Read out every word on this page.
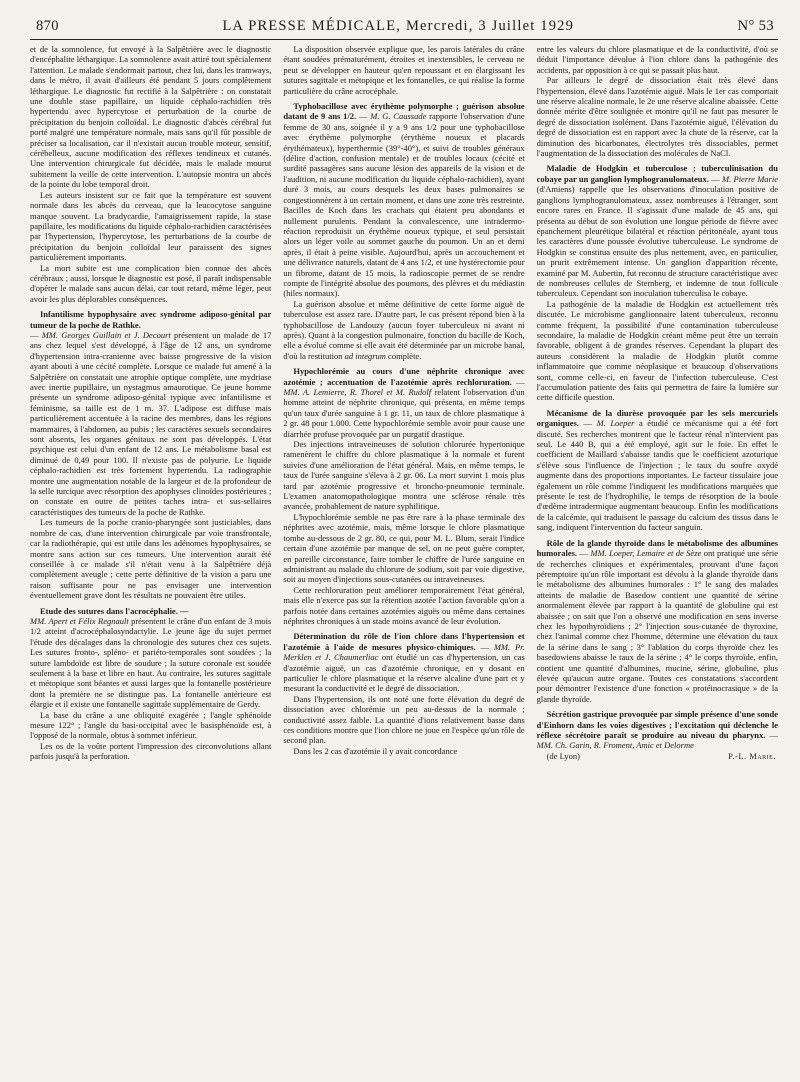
870	LA PRESSE MÉDICALE, Mercredi, 3 Juillet 1929	N° 53

et de la somnolence, fut envoyé à la Salpêtrière avec le diagnostic d'encéphalite léthargique. La somnolence avait attiré tout spécialement l'attention. Le malade s'endormait partout, chez lui, dans les tramways, dans le métro, il avait d'ailleurs été pendant 5 jours complètement léthargique. Le diagnostic fut rectifié à la Salpêtrière : on constatait une double stase papillaire, un liquide céphalo-rachidien très hypertendu avec hypercytose et perturbation de la courbe de précipitation du benjoin colloïdal. Le diagnostic d'abcès cérébral fut porté malgré une température normale, mais sans qu'il fût possible de préciser sa localisation, car il n'existait aucun trouble moteur, sensitif, cérébelleux, aucune modification des réflexes tendineux et cutanés. Une intervention chirurgicale fut décidée, mais le malade mourut subitement la veille de cette intervention. L'autopsie montra un abcès de la pointe du lobe temporal droit.

Les auteurs insistent sur ce fait que la température est souvent normale dans les abcès du cerveau, que la leucocytose sanguine manque souvent. La bradycardie, l'amaigrissement rapide, la stase papillaire, les modifications du liquide céphalo-rachidien caractérisées par l'hypertension, l'hypercytose, les perturbations de la courbe de précipitation du benjoin colloïdal leur paraissent des signes particulièrement importants.

La mort subite est une complication bien connue des abcès cérébraux ; aussi, lorsque le diagnostic est posé, il paraît indispensable d'opérer le malade sans aucun délai, car tout retard, même léger, peut avoir les plus déplorables conséquences.

Infantilisme hypophysaire avec syndrome adiposo-génital par tumeur de la poche de Rathke.

— MM. Georges Guillain et J. Decourt présentent un malade de 17 ans chez lequel s'est développé, à l'âge de 12 ans, un syndrome d'hypertension intra-cranienne avec baisse progressive de la vision ayant abouti à une cécité complète. Lorsque ce malade fut amené à la Salpêtrière on constatait une atrophie optique complète, une mydriase avec inertie pupillaire, un nystagmus amaurotique. Ce jeune homme présente un syndrome adiposo-génital typique avec infantilisme et féminisme, sa taille est de 1 m. 37. L'adipose est diffuse mais particulièrement accentuée à la racine des membres, dans les régions mammaires, à l'abdomen, au pubis ; les caractères sexuels secondaires sont absents, les organes génitaux ne sont pas développés. L'état psychique est celui d'un enfant de 12 ans. Le métabolisme basal est diminué de 0,49 pour 100. Il n'existe pas de polyurie. Le liquide céphalo-rachidien est très fortement hypertendu. La radiographie montre une augmentation notable de la largeur et de la profondeur de la selle turcique avec résorption des apophyses clinoïdes postérieures ; on constate en outre de petites taches intra- et sus-sellaires caractéristiques des tumeurs de la poche de Rathke.

Les tumeurs de la poche cranio-pharyngée sont justiciables, dans nombre de cas, d'une intervention chirurgicale par voie transfrontale, car la radiothérapie, qui est utile dans les adénomes hypophysaires, se montre sans action sur ces tumeurs. Une intervention aurait été conseillée à ce malade s'il n'était venu à la Salpêtrière déjà complètement aveugle ; cette perte définitive de la vision a paru une raison suffisante pour ne pas envisager une intervention éventuellement grave dont les résultats ne pouvaient être utiles.

Etude des sutures dans l'acrocéphalie. —

MM. Apert et Félix Regnault présentent le crâne d'un enfant de 3 mois 1/2 atteint d'acrocéphalosyndactylie. Le jeune âge du sujet permet l'étude des décalages dans la chronologie des sutures chez ces sujets. Les sutures fronto-, spléno- et pariéto-temporales sont soudées ; la suture lambdoïde est libre de soudure ; la suture coronale est soudée seulement à la base et libre en haut. Au contraire, les sutures sagittale et métopique sont béantes et aussi larges que la fontanelle postérieure dont la première ne se distingue pas. La fontanelle antérieure est élargie et il existe une fontanelle sagittale supplémentaire de Gerdy.

La base du crâne a une obliquité exagérée ; l'angle sphénoïde mesure 122° ; l'angle du basi-occipital avec le basisphénoïde est, à l'opposé de la normale, obtus à sommet inférieur.

Les os de la voûte portent l'impression des circonvolutions allant parfois jusqu'à la perforation.

La disposition observée explique que, les parois latérales du crâne étant soudées prématurément, étroites et inextensibles, le cerveau ne peut se développer en hauteur qu'en repoussant et en élargissant les sutures sagittale et métopique et les fontanelles, ce qui réalise la forme particulière du crâne acrocéphale.

Typhobacillose avec érythème polymorphe ; guérison absolue datant de 9 ans 1/2. — M. G. Caussade rapporte l'observation d'une femme de 30 ans, soignée il y a 9 ans 1/2 pour une typhobacillose avec érythème polymorphe (érythème noueux et placards érythémateux), hyperthermie (39°-40°), et suivi de troubles généraux (délire d'action, confusion mentale) et de troubles locaux (cécité et surdité passagères sans aucune lésion des appareils de la vision et de l'audition, ni aucune modification du liquide céphalo-rachidien), ayant duré 3 mois, au cours desquels les deux bases pulmonaires se congestionnèrent à un certain moment, et dans une zone très restreinte. Bacilles de Koch dans les crachats qui étaient peu abondants et nullement purulents. Pendant la convalescence, une intradermo-réaction reproduisit un érythème noueux typique, et seul persistait alors un léger voile au sommet gauche du poumon. Un an et demi après, il était à peine visible. Aujourd'hui, après un accouchement et une délivrance naturels, datant de 4 ans 1/2, et une hystérectomie pour un fibrome, datant de 15 mois, la radioscopie permet de se rendre compte de l'intégrité absolue des poumons, des plèvres et du médiastin (hiles normaux).

La guérison absolue et même définitive de cette forme aiguë de tuberculose est assez rare. D'autre part, le cas présent répond bien à la typhobacillose de Landouzy (aucun foyer tuberculeux ni avant ni après). Quant à la congestion pulmonaire, fonction du bacille de Koch, elle a évolué comme si elle avait été déterminée par un microbe banal, d'où la restitution ad integrum complète.

Hypochlorémie au cours d'une néphrite chronique avec azotémie ; accentuation de l'azotémie après rechloruration. — MM. A. Lemierre, R. Thorel et M. Rudolf relatent l'observation d'un homme atteint de néphrite chronique, qui présenta, en même temps qu'un taux d'urée sanguine à 1 gr. 11, un taux de chlore plasmatique à 2 gr. 48 pour 1.000. Cette hypochlorémie semble avoir pour cause une diarrhée profuse provoquée par un purgatif drastique.

Des injections intraveineuses de solution chlorurée hypertonique ramenèrent le chiffre du chlore plasmatique à la normale et furent suivies d'une amélioration de l'état général. Mais, en même temps, le taux de l'urée sanguine s'éleva à 2 gr. 06. La mort survint 1 mois plus tard par azotémie progressive et broncho-pneumonie terminale. L'examen anatomopathologique montra une sclérose rénale très avancée, probablement de nature syphilitique.

L'hypochlorémie semble ne pas être rare à la phase terminale des néphrites avec azotémie, mais, même lorsque le chlore plasmatique tombe au-dessous de 2 gr. 80, ce qui, pour M. L. Blum, serait l'indice certain d'une azotémie par manque de sel, on ne peut guère compter, en pareille circonstance, faire tomber le chiffre de l'urée sanguine en administrant au malade du chlorure de sodium, soit par voie digestive, soit au moyen d'injections sous-cutanées ou intraveineuses.

Cette rechloruration peut améliorer temporairement l'état général, mais elle n'exerce pas sur la rétention azotée l'action favorable qu'on a parfois notée dans certaines azotémies aiguës ou même dans certaines néphrites chroniques à un stade moins avancé de leur évolution.

Détermination du rôle de l'ion chlore dans l'hypertension et l'azotémie à l'aide de mesures physico-chimiques. — MM. Pr. Merklen et J. Chaumerliac ont étudié un cas d'hypertension, un cas d'azotémie aiguë, un cas d'azotémie chronique, en y dosant en particulier le chlore plasmatique et la réserve alcaline d'une part et y mesurant la conductivité et le degré de dissociation.

Dans l'hypertension, ils ont noté une forte élévation du degré de dissociation avec chlorémie un peu au-dessus de la normale ; conductivité assez faible. La quantité d'ions relativement basse dans ces conditions montre que l'ion chlore ne joue en l'espèce qu'un rôle de second plan.

Dans les 2 cas d'azotémie il y avait concordance

entre les valeurs du chlore plasmatique et de la conductivité, d'où se déduit l'importance dévolue à l'ion chlore dans la pathogénie des accidents, par opposition à ce qui se passait plus haut.

Par ailleurs le degré de dissociation était très élevé dans l'hypertension, élevé dans l'azotémie aiguë. Mais le 1er cas comportait une réserve alcaline normale, le 2e une réserve alcaline abaissée. Cette donnée mérite d'être soulignée et montre qu'il ne faut pas mesurer le degré de dissociation isolément. Dans l'azotémie aiguë, l'élévation du degré de dissociation est en rapport avec la chute de la réserve, car la diminution des bicarbonates, électrolytes très dissociables, permet l'augmentation de la dissociation des molécules de NaCl.

Maladie de Hodgkin et tuberculose ; tuberculinisation du cobaye par un ganglion lymphogranulomateux. — M. Pierre Marie (d'Amiens) rappelle que les observations d'inoculation positive de ganglions lymphogranulomateux, assez nombreuses à l'étranger, sont encore rares en France. Il s'agissait d'une malade de 45 ans, qui présenta au début de son évolution une longue période de fièvre avec épanchement pleurétique bilatéral et réaction péritonéale, ayant tous les caractères d'une poussée évolutive tuberculeuse. Le syndrome de Hodgkin se constitua ensuite des plus nettement, avec, en particulier, un prurit extrêmement intense. Un ganglion d'apparition récente, examiné par M. Aubertin, fut reconnu de structure caractéristique avec de nombreuses cellules de Sternberg, et indemne de tout follicule tuberculeux. Cependant son inoculation tuberculisa le cobaye.

La pathogénie de la maladie de Hodgkin est actuellement très discutée. Le microbisme ganglionnaire latent tuberculeux, reconnu comme fréquent, la possibilité d'une contamination tuberculeuse secondaire, la maladie de Hodgkin créant même peut être un terrain favorable, obligent à de grandes réserves. Cependant la plupart des auteurs considèrent la maladie de Hodgkin plutôt comme inflammatoire que comme néoplasique et beaucoup d'observations sont, comme celle-ci, en faveur de l'infection tuberculeuse. C'est l'accumulation patiente des faits qui permettra de faire la lumière sur cette difficile question.

Mécanisme de la diurèse provoquée par les sels mercuriels organiques. — M. Loeper a étudié ce mécanisme qui a été fort discuté. Ses recherches montrent que le facteur rénal n'intervient pas seul. Le 440 B, qui a été employé, agit sur le foie. En effet le coefficient de Maillard s'abaisse tandis que le coefficient azoturique s'élève sous l'influence de l'injection ; le taux du soufre oxydé augmente dans des proportions importantes. Le facteur tissulaire joue également un rôle comme l'indiquent les modifications marquées que présente le test de l'hydrophilie, le temps de résorption de la boule d'œdème intradermique augmentant beaucoup. Enfin les modifications de la calcémie, qui traduisent le passage du calcium des tissus dans le sang, indiquent l'intervention du facteur sanguin.

Rôle de la glande thyroïde dans le métabolisme des albumines humorales. — MM. Loeper, Lemaire et de Sèze ont pratiqué une série de recherches cliniques et expérimentales, prouvant d'une façon péremptoire qu'un rôle important est dévolu à la glande thyroïde dans le métabolisme des albumines humorales : 1° le sang des malades atteints de maladie de Basedow contient une quantité de sérine anormalement élevée par rapport à la quantité de globuline qui est abaissée ; on sait que l'on a observé une modification en sens inverse chez les hypothyroïdiens ; 2° l'injection sous-cutanée de thyroxine, chez l'animal comme chez l'homme, détermine une élévation du taux de la sérine dans le sang ; 3° l'ablation du corps thyroïde chez les basedowiens abaisse le taux de la sérine ; 4° le corps thyroïde, enfin, contient une quantité d'albumines, mucine, sérine, globuline, plus élevée qu'aucun autre organe. Toutes ces constatations s'accordent pour démontrer l'existence d'une fonction « protéinocrasique » de la glande thyroïde.

Sécrétion gastrique provoquée par simple présence d'une sonde d'Einhorn dans les voies digestives ; l'excitation qui déclenche le réflexe sécrétoire paraît se produire au niveau du pharynx. — MM. Ch. Garin, R. Froment, Amic et Delorme

(de Lyon)	P.-L. Marie.
